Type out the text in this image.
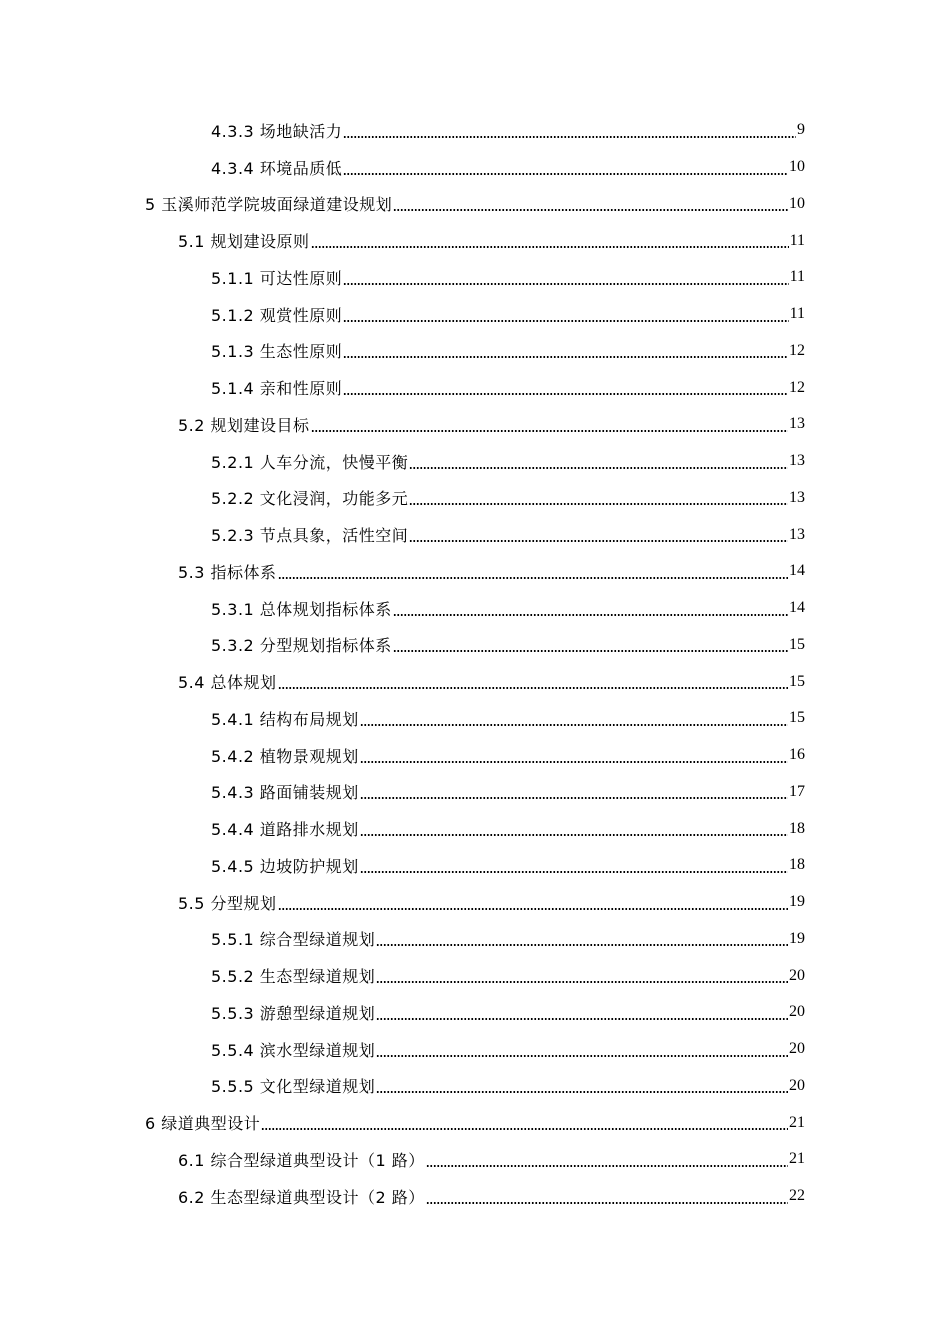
4.3.3 场地缺活力	9
4.3.4 环境品质低	10
5 玉溪师范学院坡面绿道建设规划	10
5.1 规划建设原则	11
5.1.1 可达性原则	11
5.1.2 观赏性原则	11
5.1.3 生态性原则	12
5.1.4 亲和性原则	12
5.2 规划建设目标	13
5.2.1 人车分流，快慢平衡	13
5.2.2 文化浸润，功能多元	13
5.2.3 节点具象，活性空间	13
5.3 指标体系	14
5.3.1 总体规划指标体系	14
5.3.2 分型规划指标体系	15
5.4 总体规划	15
5.4.1 结构布局规划	15
5.4.2 植物景观规划	16
5.4.3 路面铺装规划	17
5.4.4 道路排水规划	18
5.4.5 边坡防护规划	18
5.5 分型规划	19
5.5.1 综合型绿道规划	19
5.5.2 生态型绿道规划	20
5.5.3 游憩型绿道规划	20
5.5.4 滨水型绿道规划	20
5.5.5 文化型绿道规划	20
6 绿道典型设计	21
6.1 综合型绿道典型设计（1 路）	21
6.2 生态型绿道典型设计（2 路）	22
